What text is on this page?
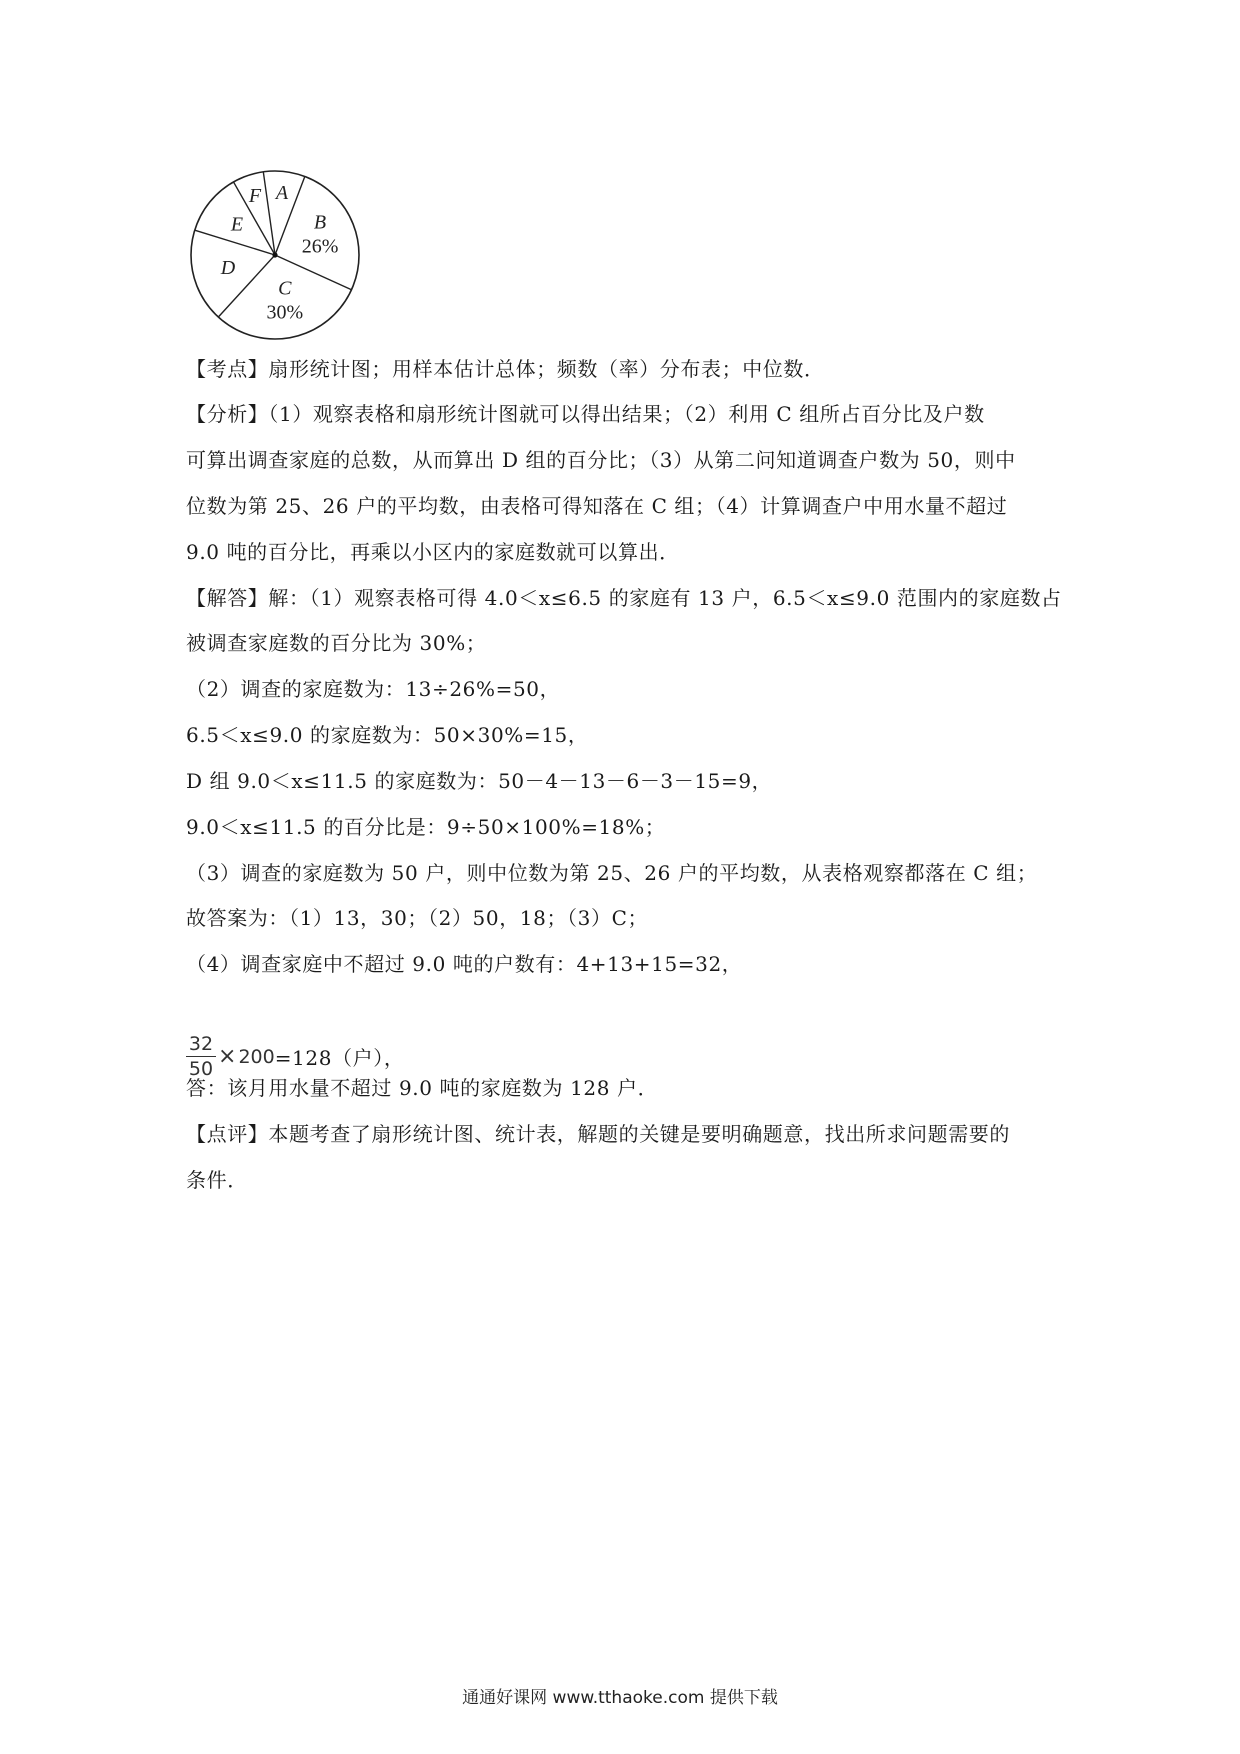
A
B
26%
C
30%
D
E
F
【考点】扇形统计图；用样本估计总体；频数（率）分布表；中位数．
【分析】（1）观察表格和扇形统计图就可以得出结果；（2）利用 C 组所占百分比及户数
可算出调查家庭的总数，从而算出 D 组的百分比；（3）从第二问知道调查户数为 50，则中
位数为第 25、26 户的平均数，由表格可得知落在 C 组；（4）计算调查户中用水量不超过
9.0 吨的百分比，再乘以小区内的家庭数就可以算出．
【解答】解：（1）观察表格可得 4.0＜x≤6.5 的家庭有 13 户，6.5＜x≤9.0 范围内的家庭数占
被调查家庭数的百分比为 30%；
（2）调查的家庭数为：13÷26%=50，
6.5＜x≤9.0 的家庭数为：50×30%=15，
D 组 9.0＜x≤11.5 的家庭数为：50－4－13－6－3－15=9，
9.0＜x≤11.5 的百分比是：9÷50×100%=18%；
（3）调查的家庭数为 50 户，则中位数为第 25、26 户的平均数，从表格观察都落在 C 组；
故答案为：（1）13，30；（2）50，18；（3）C；
（4）调查家庭中不超过 9.0 吨的户数有：4+13+15=32，
$\frac{32}{50} \times 200 =128$（户），
答：该月用水量不超过 9.0 吨的家庭数为 128 户．
【点评】本题考查了扇形统计图、统计表，解题的关键是要明确题意，找出所求问题需要的
条件．
通通好课网 www.tthaoke.com 提供下载
